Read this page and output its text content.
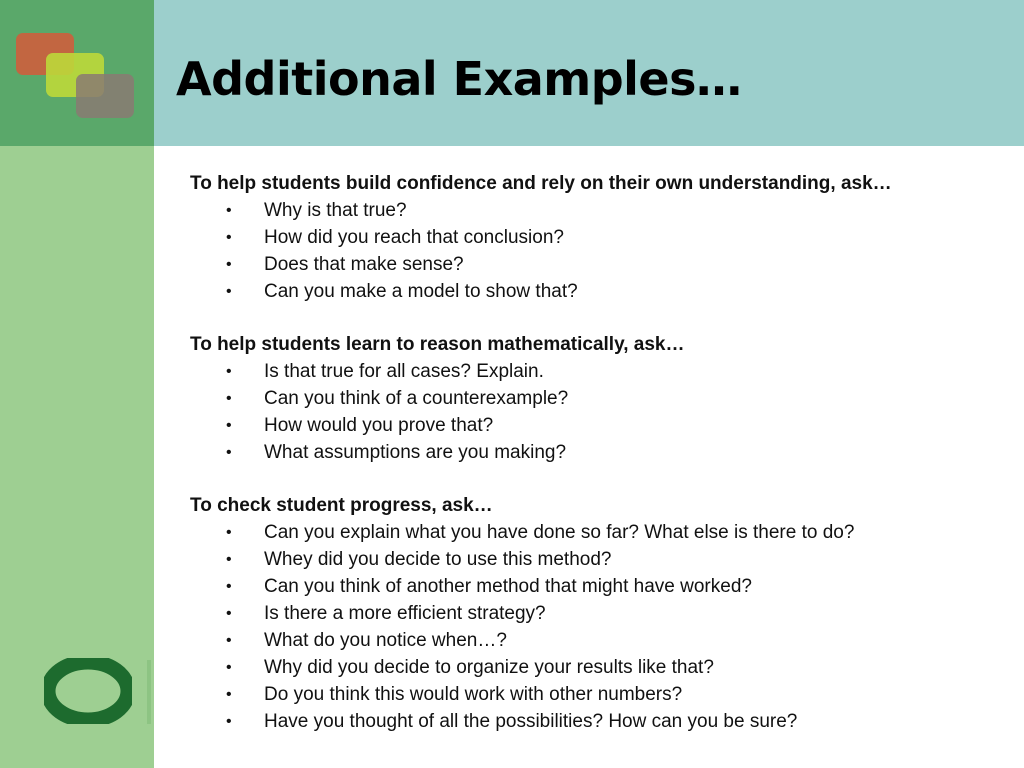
Additional Examples…

To help students build confidence and rely on their own understanding, ask…

• Why is that true?
• How did you reach that conclusion?
• Does that make sense?
• Can you make a model to show that?

To help students learn to reason mathematically, ask…

• Is that true for all cases? Explain.
• Can you think of a counterexample?
• How would you prove that?
• What assumptions are you making?

To check student progress, ask…

• Can you explain what you have done so far? What else is there to do?
• Whey did you decide to use this method?
• Can you think of another method that might have worked?
• Is there a more efficient strategy?
• What do you notice when…?
• Why did you decide to organize your results like that?
• Do you think this would work with other numbers?
• Have you thought of all the possibilities? How can you be sure?
